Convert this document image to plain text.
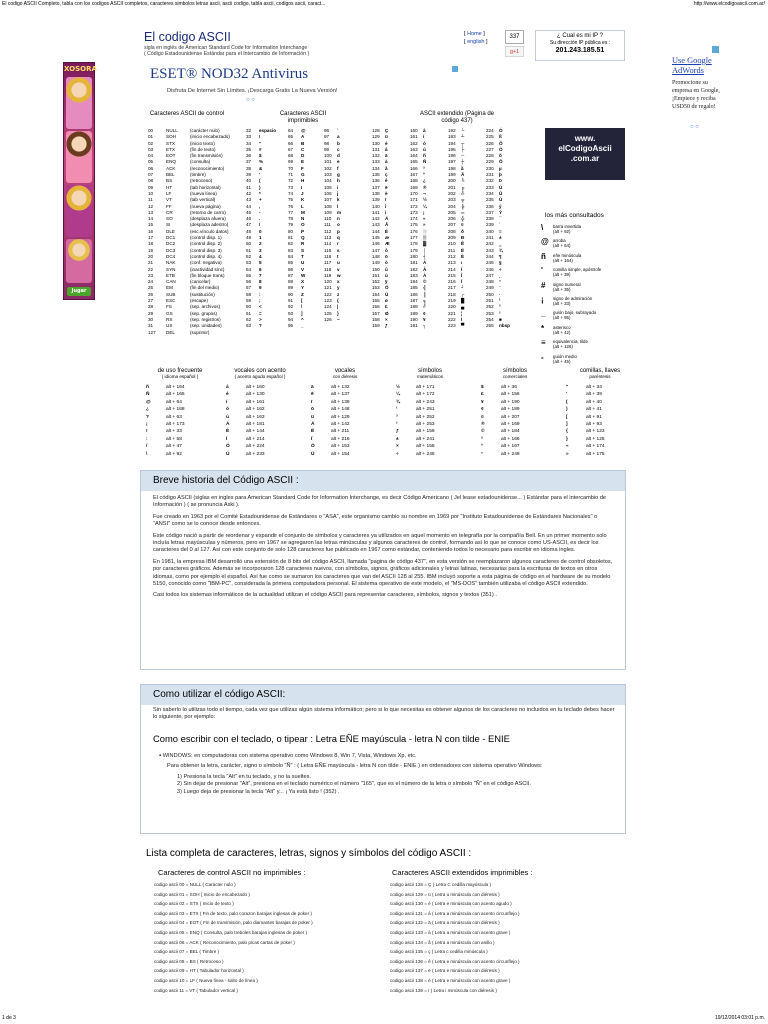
El codigo ASCII Completo, tabla con los codigos ASCII completos, caracteres simbolos letras ascii, ascii codigo, tabla ascii, codigos ascii, caract...	http://www.elcodigoascii.com.ar/
1 de 3	19/12/2014 03:01 p.m.
XOSORA
Jugar
El codigo ASCII
sigla en inglés de American Standard Code for Information Interchange
( Código Estadounidense Estándar para el Intercambio de Información )
[ Home ]
[ english ]
337
g+1
¿ Cual es mi IP ?
Su dirección IP pública es :
201.243.185.51
ESET® NOD32 Antivirus
Disfruta De Internet Sin Límites. ¡Descarga Gratis La Nueva Versión!
○ ○
Use Google AdWords
Promocione su empresa en Google, ¡Empiece y reciba USD50 de regalo!
○ ○
Caracteres ASCII de control	Caracteres ASCII imprimibles
ASCII extendido (Página de código 437)
00	NULL	(carácter nulo)
01	SOH	(inicio encabezado)
02	STX	(inicio texto)
03	ETX	(fin de texto)
04	EOT	(fin transmisión)
05	ENQ	(consulta)
06	ACK	(reconocimiento)
07	BEL	(timbre)
08	BS	(retroceso)
09	HT	(tab horizontal)
10	LF	(nueva línea)
11	VT	(tab vertical)
12	FF	(nueva página)
13	CR	(retorno de carro)
14	SO	(desplaza afuera)
15	SI	(desplaza adentro)
16	DLE	(esc.vínculo datos)
17	DC1	(control disp. 1)
18	DC2	(control disp. 2)
19	DC3	(control disp. 3)
20	DC4	(control disp. 4)
21	NAK	(conf. negativa)
22	SYN	(inactividad sínc)
23	ETB	(fin bloque trans)
24	CAN	(cancelar)
25	EM	(fin del medio)
26	SUB	(sustitución)
27	ESC	(escape)
28	FS	(sep. archivos)
29	GS	(sep. grupos)
30	RS	(sep. registros)
31	US	(sep. unidades)
127 DEL	(suprimir)
32 espacio
33 !
34 "
35 #
36 $
37 %
38 &
39 '
40 (
41 )
42 *
43 +
44 ,
45 -
46 .
47 /
48 0
49 1
50 2
51 3
52 4
53 5
54 6
55 7
56 8
57 9
58 :
59 ;
60 <
61 =
62 >
63 ?
64 @
65 A
66 B
67 C
68 D
69 E
70 F
71 G
72 H
73 I
74 J
75 K
76 L
77 M
78 N
79 O
80 P
81 Q
82 R
83 S
84 T
85 U
86 V
87 W
88 X
89 Y
90 Z
91 [
92 \
93 ]
94 ^
95 _
96 `
97 a
98 b
99 c
100 d
101 e
102 f
103 g
104 h
105 i
106 j
107 k
108 l
109 m
110 n
111 o
112 p
113 q
114 r
115 s
116 t
117 u
118 v
119 w
120 x
121 y
122 z
123 {
124 |
125 }
126 ~
128 Ç
129 ü
130 é
131 â
132 ä
133 à
134 å
135 ç
136 ê
137 ë
138 è
139 ï
140 î
141 ì
142 Ä
143 Å
144 É
145 æ
146 Æ
147 ô
148 ö
149 ò
150 û
151 ù
152 ÿ
153 Ö
154 Ü
155 ø
156 £
157 Ø
158 ×
159 ƒ
160 á
161 í
162 ó
163 ú
164 ñ
165 Ñ
166 ª
167 º
168 ¿
169 ®
170 ¬
171 ½
172 ¼
173 ¡
174 «
175 »
176 ░
177 ▒
178 ▓
179 │
180 ┤
181 Á
182 Â
183 À
184 ©
185 ╣
186 ║
187 ╗
188 ╝
189 ¢
190 ¥
191 ┐
192 └
193 ┴
194 ┬
195 ├
196 ─
197 ┼
198 ã
199 Ã
200 ╚
201 ╔
202 ╩
203 ╦
204 ╠
205 ═
206 ╬
207 ¤
208 ð
209 Ð
210 Ê
211 Ë
212 È
213 ı
214 Í
215 Î
216 Ï
217 ┘
218 ┌
219 █
220 ▄
221 ¦
222 Ì
223 ▀
224 Ó
225 ß
226 Ô
227 Ò
228 õ
229 Õ
230 µ
231 þ
232 Þ
233 Ú
234 Û
235 Ù
236 ý
237 Ý
238 ¯
239 ´
240 ≡
241 ±
242 ‗
243 ¾
244 ¶
245 §
246 ÷
247 ¸
248 °
249 ¨
250 ·
251 ¹
252 ³
253 ²
254 ■
255 nbsp
www.
elCodigoAscii
.com.ar
los más consultados
\ barra invertida
(alt + 92)
@ arroba
(alt + 64)
ñ eñe minúscula
(alt + 164)
' comilla simple, apóstrofe
(alt + 39)
# signo numeral
(alt + 35)
¡ signo de admiración
(alt + 33)
_ guión bajo, subrayado
(alt + 95)
* asterisco
(alt + 42)
≡ equivalencia, tilde
(alt + 126)
- guión medio
(alt + 45)
de uso frecuente
( idioma español )
vocales con acento
( acento agudo español )
vocales
con diéresis
símbolos
matemáticos
símbolos
comerciales
comillas, llaves
paréntesis
ñ	alt + 164	á	alt + 160	ä	alt + 132	½	alt + 171	$	alt + 36	"	alt + 34
Ñ	alt + 165	é	alt + 130	ë	alt + 137	¼	alt + 172	£	alt + 156	'	alt + 39
@	alt + 64	í	alt + 161	ï	alt + 139	¾	alt + 243	¥	alt + 190	(	alt + 40
¿	alt + 168	ó	alt + 162	ö	alt + 148	¹	alt + 251	¢	alt + 189	)	alt + 41
?	alt + 63	ú	alt + 163	ü	alt + 129	³	alt + 252	¤	alt + 207	[	alt + 91
¡	alt + 173	Á	alt + 181	Ä	alt + 142	²	alt + 253	®	alt + 169	]	alt + 93
!	alt + 33	É	alt + 144	Ë	alt + 211	ƒ	alt + 159	©	alt + 184	{	alt + 123
:	alt + 58	Í	alt + 214	Ï	alt + 216	±	alt + 241	ª	alt + 166	}	alt + 125
/	alt + 47	Ó	alt + 224	Ö	alt + 153	×	alt + 158	º	alt + 167	«	alt + 174
\	alt + 92	Ú	alt + 233	Ü	alt + 154	÷	alt + 246	°	alt + 248	»	alt + 175
Breve historia del Código ASCII :

El código ASCII (siglas en ingles para American Standard Code for Information Interchange, es decir Código Americano ( Jel lease estadounidense... ) Estándar para el intercambio de Información ) ( se pronuncia Aski ).

Fue creado en 1963 por el Comité Estadounidense de Estándares o "ASA", este organismo cambio su nombre en 1969 por "Instituto Estadounidense de Estándares Nacionales" o "ANSI" como se lo conoce desde entonces.

Este código nació a partir de reordenar y expandir el conjunto de símbolos y caracteres ya utilizados en aquel momento en telegrafía por la compañía Bell. En un primer momento solo incluía letras mayúsculas y números, pero en 1967 se agregaron las letras minúsculas y algunos caracteres de control, formando así lo que se conoce como US-ASCII, es decir los caracteres del 0 al 127. Así con este conjunto de solo 128 caracteres fue publicado en 1967 como estándar, conteniendo todos lo necesario para escribir en idioma ingles.

En 1981, la empresa IBM desarrolló una extensión de 8 bits del código ASCII, llamada "pagina de código 437", en esta versión se reemplazaron algunos caracteres de control obsoletos, por caracteres gráficos. Además se incorporaron 128 caracteres nuevos, con símbolos, signos, gráficos adicionales y letras latinas, necesarias para la escrituras de textos en otros idiomas, como por ejemplo el español. Así fue como se sumaron los caracteres que van del ASCII 128 al 255. IBM incluyó soporte a esta página de código en el hardware de su modelo 5150, conocido como "IBM-PC", considerada la primera computadora personal. El sistema operativo de este modelo, el "MS-DOS" también utilizaba el código ASCII extendido.

Casi todos los sistemas informáticos de la actualidad utilizan el código ASCII para representar caracteres, símbolos, signos y textos (351) .

Como utilizar el código ASCII:
Sin saberlo lo utilizas todo el tiempo, cada vez que utilizas algún sistema informático; pero si lo que necesitas es obtener algunos de los caracteres no incluidos en tu teclado debes hacer lo siguiente, por ejemplo:
Como escribir con el teclado, o tipear : Letra EÑE mayúscula - letra N con tilde - ENIE
▪ WINDOWS: en computadoras con sistema operativo como Windows 8, Win 7, Vista, Windows Xp, etc.
Para obtener la letra, carácter, signo o símbolo "Ñ" : ( Letra EÑE mayúscula - letra N con tilde - ENIE ) en ordenadores con sistema operativo Windows:
1) Presiona la tecla "Alt" en tu teclado, y no la sueltes.
2) Sin dejar de presionar "Alt", presiona en el teclado numérico el número "165", que es el número de la letra o símbolo "Ñ" en el código ASCII.
3) Luego deja de presionar la tecla "Alt" y... ¡ Ya está listo ! (352) .
Lista completa de caracteres, letras, signos y símbolos del código ASCII :
Caracteres de control ASCII no imprimibles :	Caracteres ASCII extendidos imprimibles :
codigo ascii 00 = NULL ( Carácter nulo )
codigo ascii 01 = SOH ( Inicio de encabezado )
codigo ascii 02 = STX ( Inicio de texto )
codigo ascii 03 = ETX ( Fin de texto, palo corazon barajas inglesas de poker )
codigo ascii 04 = EOT ( Fin de transmisión, palo diamantes barajas de poker )
codigo ascii 05 = ENQ ( Consulta, palo treboles barajas inglesas de poker )
codigo ascii 06 = ACK ( Reconocimiento, palo picas cartas de poker )
codigo ascii 07 = BEL ( Timbre )
codigo ascii 08 = BS ( Retroceso )
codigo ascii 09 = HT ( Tabulador horizontal )
codigo ascii 10 = LF ( Nueva línea - salto de línea )
codigo ascii 11 = VT ( Tabulador vertical )
codigo ascii 128 = Ç ( Letra C cedilla mayúscula )
codigo ascii 129 = ü ( Letra u minúscula con diéresis )
codigo ascii 130 = é ( Letra e minúscula con acento agudo )
codigo ascii 131 = â ( Letra a minúscula con acento circunflejo )
codigo ascii 132 = ä ( Letra a minúscula con diéresis )
codigo ascii 133 = à ( Letra a minúscula con acento grave )
codigo ascii 134 = å ( Letra a minúscula con anillo )
codigo ascii 135 = ç ( Letra c cedilla minúscula )
codigo ascii 136 = ê ( Letra e minúscula con acento circunflejo )
codigo ascii 137 = ë ( Letra e minúscula con diéresis )
codigo ascii 138 = è ( Letra e minúscula con acento grave )
codigo ascii 139 = ï ( Letra i minúscula con diéresis )
